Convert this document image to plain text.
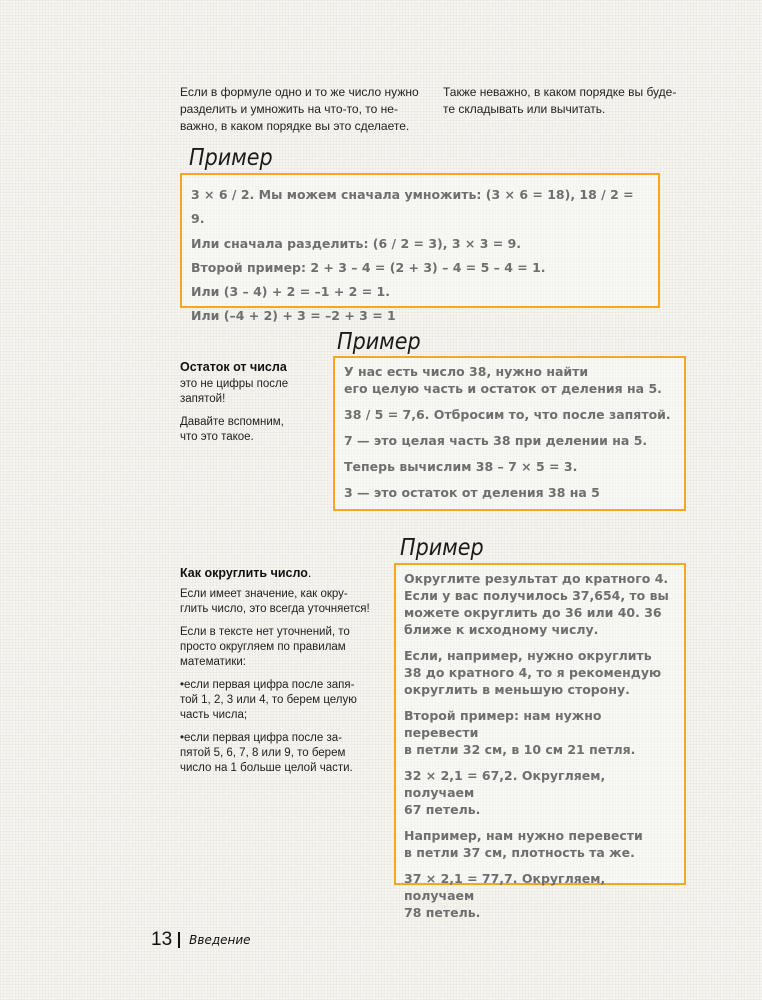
Если в формуле одно и то же число нужно

разделить и умножить на что-то, то не-

важно, в каком порядке вы это сделаете.

Также неважно, в каком порядке вы буде-

те складывать или вычитать.

Пример

3 × 6 / 2. Мы можем сначала умножить: (3 × 6 = 18), 18 / 2 = 9.

Или сначала разделить: (6 / 2 = 3), 3 × 3 = 9.

Второй пример: 2 + 3 – 4 = (2 + 3) – 4 = 5 – 4 = 1.

Или (3 – 4) + 2 = –1 + 2 = 1.

Или (–4 + 2) + 3 = –2 + 3 = 1

Остаток от числа

это не цифры после
запятой!

Давайте вспомним,
что это такое.

Пример

У нас есть число 38, нужно найти
его целую часть и остаток от деления на 5.

38 / 5 = 7,6. Отбросим то, что после запятой.

7 — это целая часть 38 при делении на 5.

Теперь вычислим 38 – 7 × 5 = 3.

3 — это остаток от деления 38 на 5

Как округлить число.

Если имеет значение, как окру-
глить число, это всегда уточняется!

Если в тексте нет уточнений, то
просто округляем по правилам
математики:

•если первая цифра после запя-
той 1, 2, 3 или 4, то берем целую
часть числа;

•если первая цифра после за-
пятой 5, 6, 7, 8 или 9, то берем
число на 1 больше целой части.

Пример

Округлите результат до кратного 4.
Если у вас получилось 37,654, то вы
можете округлить до 36 или 40. 36
ближе к исходному числу.

Если, например, нужно округлить
38 до кратного 4, то я рекомендую
округлить в меньшую сторону.

Второй пример: нам нужно перевести
в петли 32 см, в 10 см 21 петля.

32 × 2,1 = 67,2. Округляем, получаем
67 петель.

Например, нам нужно перевести
в петли 37 см, плотность та же.

37 × 2,1 = 77,7. Округляем, получаем
78 петель.

13 Введение
